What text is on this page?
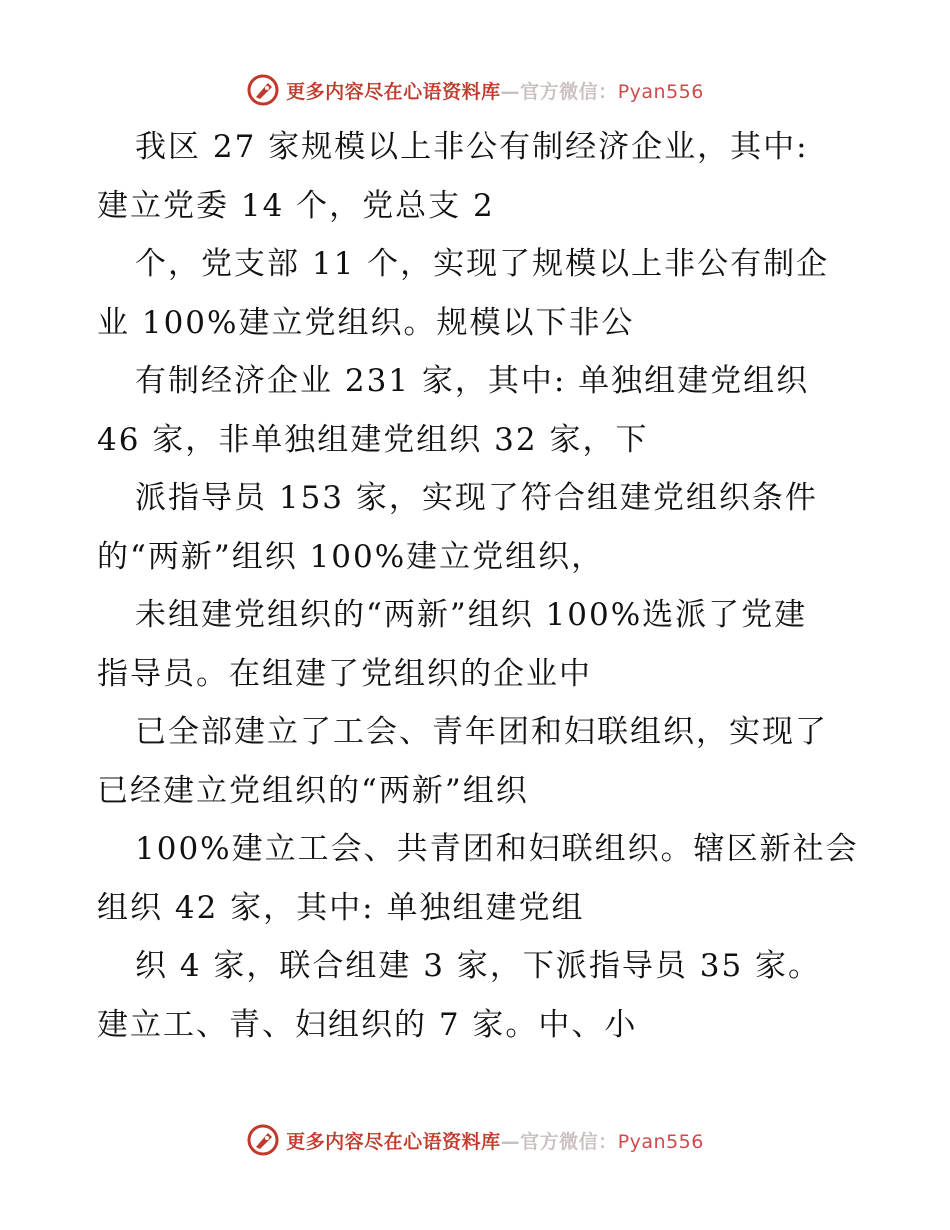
更多内容尽在心语资料库—官方微信：Pyan556
我区 27 家规模以上非公有制经济企业，其中:
建立党委 14 个，党总支 2
个，党支部 11 个，实现了规模以上非公有制企
业 100%建立党组织。规模以下非公
有制经济企业 231 家，其中: 单独组建党组织
46 家，非单独组建党组织 32 家，下
派指导员 153 家，实现了符合组建党组织条件
的“两新”组织 100%建立党组织，
未组建党组织的“两新”组织 100%选派了党建
指导员。在组建了党组织的企业中
已全部建立了工会、青年团和妇联组织，实现了
已经建立党组织的“两新”组织
100%建立工会、共青团和妇联组织。辖区新社会
组织 42 家，其中: 单独组建党组
织 4 家，联合组建 3 家，下派指导员 35 家。
建立工、青、妇组织的 7 家。中、小
更多内容尽在心语资料库—官方微信：Pyan556
